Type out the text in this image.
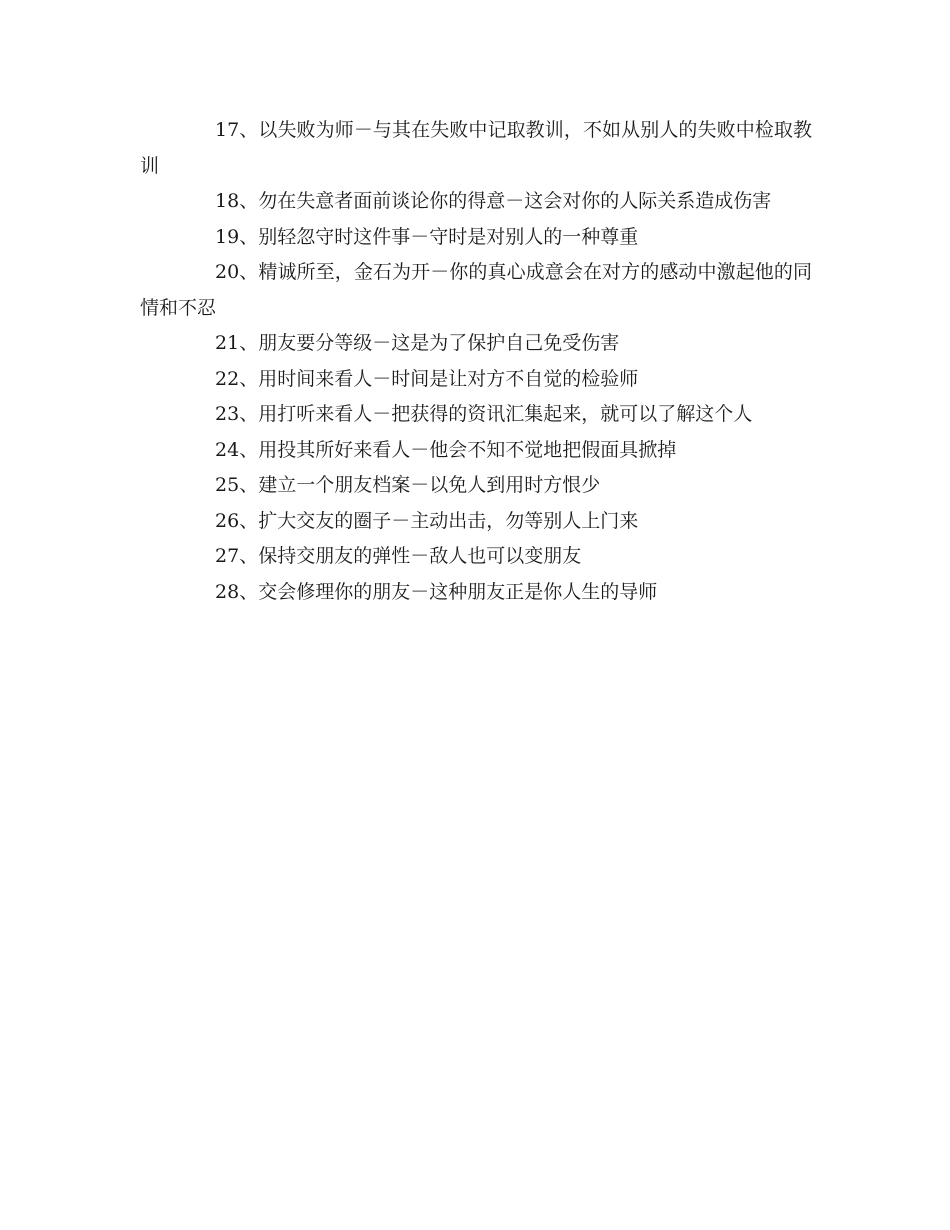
17、以失败为师－与其在失败中记取教训，不如从别人的失败中检取教训

18、勿在失意者面前谈论你的得意－这会对你的人际关系造成伤害

19、别轻忽守时这件事－守时是对别人的一种尊重

20、精诚所至，金石为开－你的真心成意会在对方的感动中激起他的同情和不忍

21、朋友要分等级－这是为了保护自己免受伤害

22、用时间来看人－时间是让对方不自觉的检验师

23、用打听来看人－把获得的资讯汇集起来，就可以了解这个人

24、用投其所好来看人－他会不知不觉地把假面具掀掉

25、建立一个朋友档案－以免人到用时方恨少

26、扩大交友的圈子－主动出击，勿等别人上门来

27、保持交朋友的弹性－敌人也可以变朋友

28、交会修理你的朋友－这种朋友正是你人生的导师
